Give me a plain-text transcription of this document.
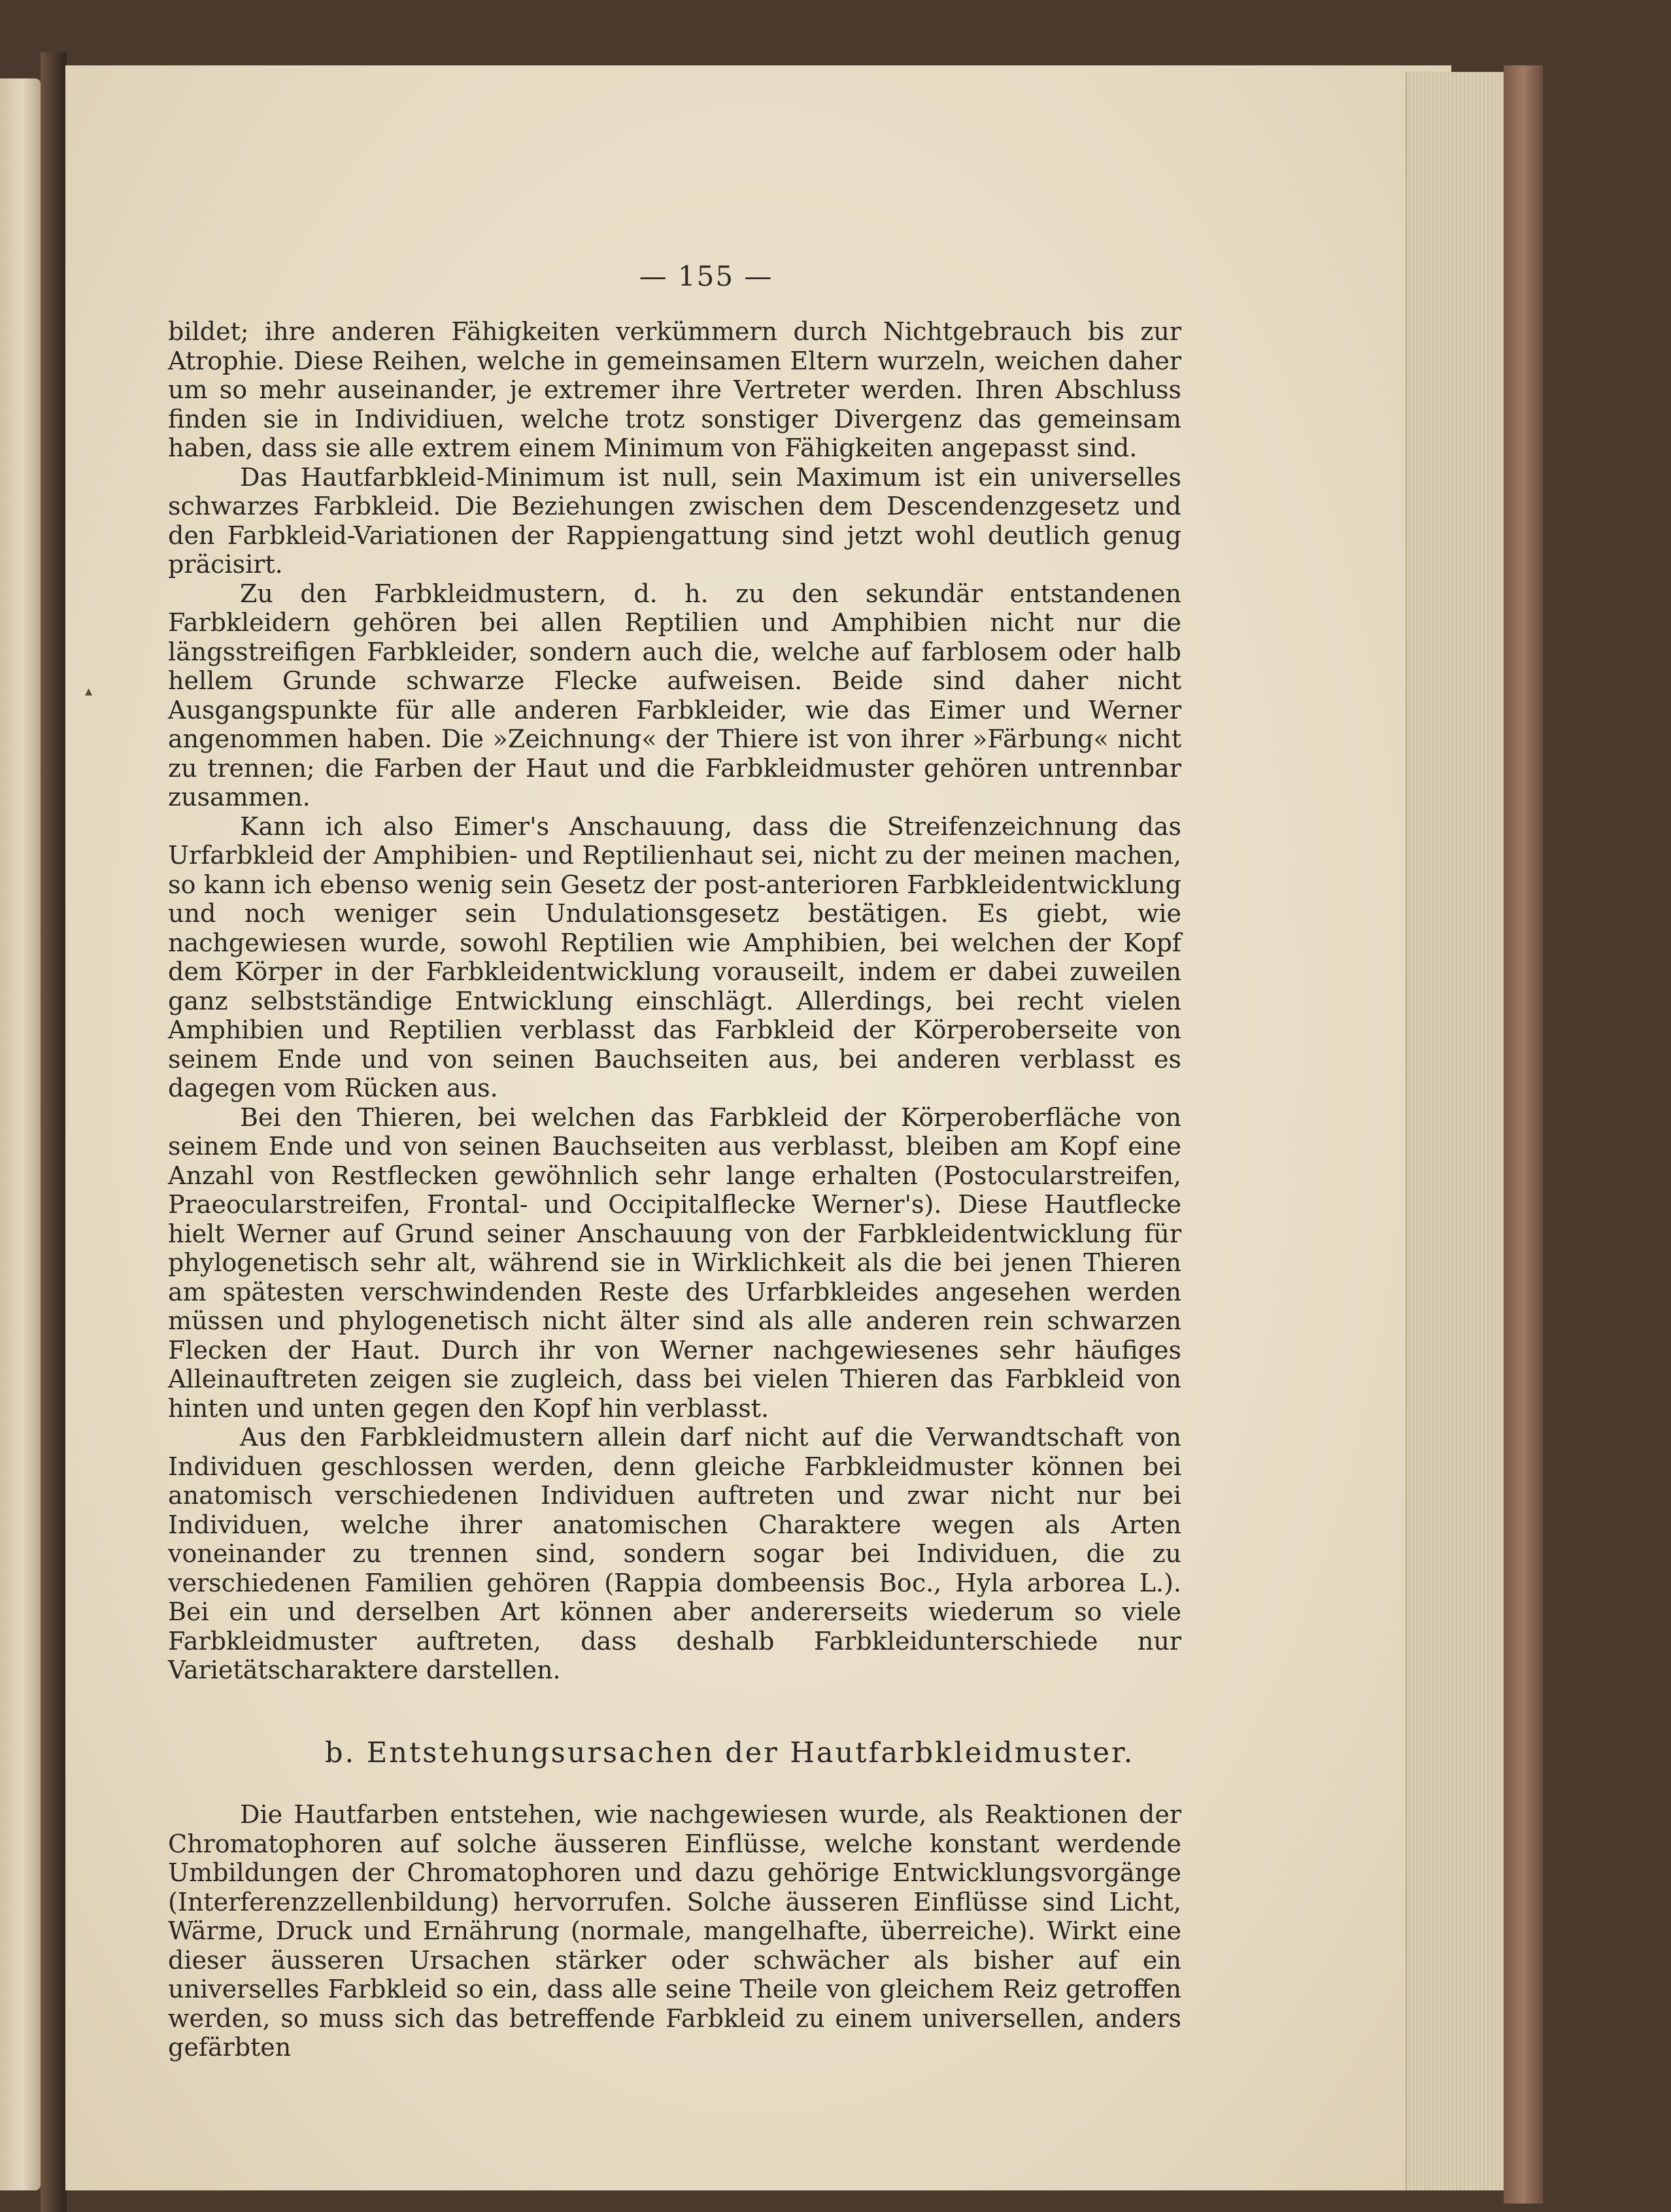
▴
⸽
— 155 —

bildet; ihre anderen Fähigkeiten verkümmern durch Nichtgebrauch bis zur Atrophie. Diese Reihen, welche in gemeinsamen Eltern wurzeln, weichen daher um so mehr auseinander, je extremer ihre Vertreter werden. Ihren Abschluss finden sie in Individiuen, welche trotz sonstiger Divergenz das gemeinsam haben, dass sie alle extrem einem Minimum von Fähigkeiten angepasst sind.

Das Hautfarbkleid-Minimum ist null, sein Maximum ist ein universelles schwarzes Farbkleid. Die Beziehungen zwischen dem Descendenzgesetz und den Farbkleid-Variationen der Rappiengattung sind jetzt wohl deutlich genug präcisirt.

Zu den Farbkleidmustern, d. h. zu den sekundär entstandenen Farbkleidern gehören bei allen Reptilien und Amphibien nicht nur die längsstreifigen Farbkleider, sondern auch die, welche auf farblosem oder halb hellem Grunde schwarze Flecke aufweisen. Beide sind daher nicht Ausgangspunkte für alle anderen Farbkleider, wie das Eimer und Werner angenommen haben. Die »Zeichnung« der Thiere ist von ihrer »Färbung« nicht zu trennen; die Farben der Haut und die Farbkleidmuster gehören untrennbar zusammen.

Kann ich also Eimer's Anschauung, dass die Streifenzeichnung das Urfarbkleid der Amphibien- und Reptilienhaut sei, nicht zu der meinen machen, so kann ich ebenso wenig sein Gesetz der post-anterioren Farbkleidentwicklung und noch weniger sein Undulationsgesetz bestätigen. Es giebt, wie nachgewiesen wurde, sowohl Reptilien wie Amphibien, bei welchen der Kopf dem Körper in der Farbkleidentwicklung vorauseilt, indem er dabei zuweilen ganz selbstständige Entwicklung einschlägt. Allerdings, bei recht vielen Amphibien und Reptilien verblasst das Farbkleid der Körperoberseite von seinem Ende und von seinen Bauchseiten aus, bei anderen verblasst es dagegen vom Rücken aus.

Bei den Thieren, bei welchen das Farbkleid der Körperoberfläche von seinem Ende und von seinen Bauchseiten aus verblasst, bleiben am Kopf eine Anzahl von Restflecken gewöhnlich sehr lange erhalten (Postocularstreifen, Praeocularstreifen, Frontal- und Occipitalflecke Werner's). Diese Hautflecke hielt Werner auf Grund seiner Anschauung von der Farbkleidentwicklung für phylogenetisch sehr alt, während sie in Wirklichkeit als die bei jenen Thieren am spätesten verschwindenden Reste des Urfarbkleides angesehen werden müssen und phylogenetisch nicht älter sind als alle anderen rein schwarzen Flecken der Haut. Durch ihr von Werner nachgewiesenes sehr häufiges Alleinauftreten zeigen sie zugleich, dass bei vielen Thieren das Farbkleid von hinten und unten gegen den Kopf hin verblasst.

Aus den Farbkleidmustern allein darf nicht auf die Verwandtschaft von Individuen geschlossen werden, denn gleiche Farbkleidmuster können bei anatomisch verschiedenen Individuen auftreten und zwar nicht nur bei Individuen, welche ihrer anatomischen Charaktere wegen als Arten voneinander zu trennen sind, sondern sogar bei Individuen, die zu verschiedenen Familien gehören (Rappia dombeensis Boc., Hyla arborea L.). Bei ein und derselben Art können aber andererseits wiederum so viele Farbkleidmuster auftreten, dass deshalb Farbkleidunterschiede nur Varietätscharaktere darstellen.

b. Entstehungsursachen der Hautfarbkleidmuster.

Die Hautfarben entstehen, wie nachgewiesen wurde, als Reaktionen der Chromatophoren auf solche äusseren Einflüsse, welche konstant werdende Umbildungen der Chromatophoren und dazu gehörige Entwicklungsvorgänge (Interferenzzellenbildung) hervorrufen. Solche äusseren Einflüsse sind Licht, Wärme, Druck und Ernährung (normale, mangelhafte, überreiche). Wirkt eine dieser äusseren Ursachen stärker oder schwächer als bisher auf ein universelles Farbkleid so ein, dass alle seine Theile von gleichem Reiz getroffen werden, so muss sich das betreffende Farbkleid zu einem universellen, anders gefärbten
